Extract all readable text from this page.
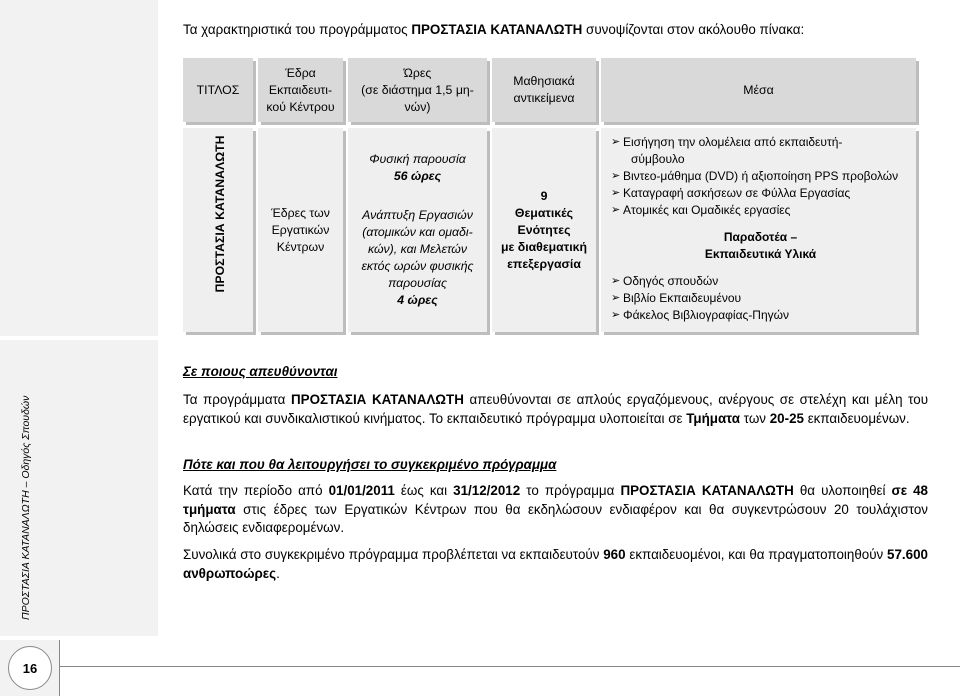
ΠΡΟΣΤΑΣΙΑ ΚΑΤΑΝΑΛΩΤΗ – Οδηγός Σπουδών
Τα χαρακτηριστικά του προγράμματος ΠΡΟΣΤΑΣΙΑ ΚΑΤΑΝΑΛΩΤΗ συνοψίζονται στον ακόλουθο πίνακα:
ΤΙΤΛΟΣ
Έδρα
Εκπαιδευτι-
κού Κέντρου
Ώρες
(σε διάστημα 1,5 μη-
νών)
Μαθησιακά
αντικείμενα
Μέσα
ΠΡΟΣΤΑΣΙΑ ΚΑΤΑΝΑΛΩΤΗ	Έδρες των
Εργατικών
Κέντρων

Φυσική παρουσία

56 ώρες

Ανάπτυξη Εργασιών

(ατομικών και ομαδι-

κών), και Μελετών

εκτός ωρών φυσικής

παρουσίας

4 ώρες

9
Θεματικές
Ενότητες
με διαθεματική
επεξεργασία
➢ Εισήγηση την ολομέλεια από εκπαιδευτή-
σύμβουλο
➢ Βιντεο-μάθημα (DVD) ή αξιοποίηση PPS προβολών
➢ Καταγραφή ασκήσεων σε Φύλλα Εργασίας
➢ Ατομικές και Ομαδικές εργασίες
Παραδοτέα –
Εκπαιδευτικά Υλικά
➢ Οδηγός σπουδών
➢ Βιβλίο Εκπαιδευμένου
➢ Φάκελος Βιβλιογραφίας-Πηγών
Σε ποιους απευθύνονται
Τα προγράμματα ΠΡΟΣΤΑΣΙΑ ΚΑΤΑΝΑΛΩΤΗ απευθύνονται σε απλούς εργαζόμενους, ανέργους σε στελέχη και μέλη του εργατικού και συνδικαλιστικού κινήματος. Το εκπαιδευτικό πρόγραμμα υλοποιείται σε Τμήματα των 20-25 εκπαιδευομένων.
Πότε και που θα λειτουργήσει το συγκεκριμένο πρόγραμμα
Κατά την περίοδο από 01/01/2011 έως και 31/12/2012 το πρόγραμμα ΠΡΟΣΤΑΣΙΑ ΚΑΤΑΝΑΛΩΤΗ θα υλοποιηθεί σε 48 τμήματα στις έδρες των Εργατικών Κέντρων που θα εκδηλώσουν ενδιαφέρον και θα συγκεντρώσουν 20 τουλάχιστον δηλώσεις ενδιαφερομένων.
Συνολικά στο συγκεκριμένο πρόγραμμα προβλέπεται να εκπαιδευτούν 960 εκπαιδευομένοι, και θα πραγματοποιηθούν 57.600 ανθρωποώρες.
16
